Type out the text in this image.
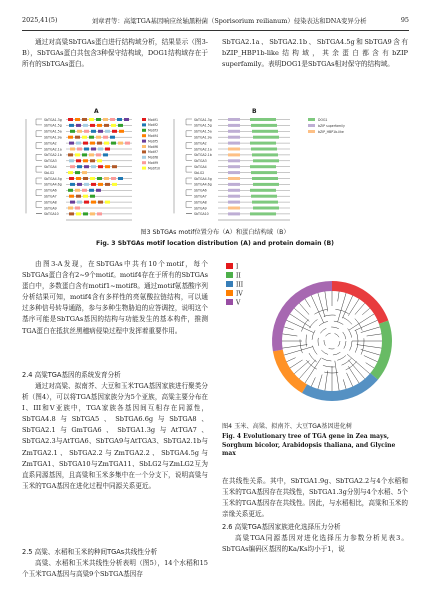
2025,41(5)	刘章君等：高粱TGA基因响应丝轴黑粉菌（Sporisorium reilianum）侵染表达和DNA变异分析	95

通过对高粱SbTGAs蛋白进行结构域分析，结果显示（图3-B），SbTGAs蛋白共包含3种保守结构域，DOG1结构域存在于所有的SbTGAs蛋白。

SbTGA2.1a、SbTGA2.1b、SbTGA4.5g和SbTGA9含有bZIP_HBP1b-like结构域，其余蛋白都含有bZIP superfamily。表明DOG1是SbTGAs相对保守的结构域。

A	B
SbTGA1.3g	SbTGA1.3g
SbTGA1.5g	SbTGA1.5g
SbTGA1.5a	SbTGA1.5a
SbTGA1.9a	SbTGA1.9a
SbTGA2	SbTGA2
SbTGA2.1a	SbTGA2.1a
SbTGA2.1b	SbTGA2.1b
SbTGA3	SbTGA3
SbTGA4	SbTGA4
SbLG2	SbLG2
SbTGA4.5g	SbTGA4.5g
SbTGA4.6g	SbTGA4.6g
SbTGA6	SbTGA6
SbTGA7	SbTGA7
SbTGA8	SbTGA8
SbTGA9	SbTGA9
SbTGA10	SbTGA10
Motif1
Motif2
Motif3
Motif4
Motif5
Motif6
Motif7
Motif8
Motif9
Motif10
DOG1
bZIP superfamily
bZIP_HBP1b-like
图3 SbTGAs motif位置分布（A）和蛋白结构域（B）
Fig. 3 SbTGAs motif location distribution (A) and protein domain (B)

由图3-A发现，在SbTGAs中共有10个motif，每个SbTGAs蛋白含有2~9个motif。motif4存在于所有的SbTGAs蛋白中，多数蛋白含有motif1~motif8。通过motif氨基酸序列分析结果可知，motif4含有多样性的亮氨酸拉链结构，可以通过多种信号转导通路，参与多种生物胁迫的应答调控，说明这个基序可能是SbTGAs基因的结构与功能发生的基本构件，推测TGA蛋白在抵抗丝黑穗病侵染过程中发挥着重要作用。

2.4 高粱TGA基因的系统发育分析

通过对高粱、拟南芥、大豆和玉米TGA基因家族进行聚类分析（图4），可以将TGA基因家族分为5个亚族，高粱主要分布在I、III和V亚族中，TGA家族各基因间互相存在同源性，SbTGA4.8与SbTGA5、SbTGA6.6g与SbTGA8、SbTGA2.1与GmTGA6、SbTGA1.3g与AtTGA7、SbTGA2.3与AtTGA6、SbTGA9与AtTGA3、SbTGA2.1b与ZmTGA2.1、SbTGA2.2与ZmTGA2.2、SbTGA4.5g与ZmTGA1、SbTGA10与ZmTGA11、SbLG2与ZmLG2互为直系同源基因，且高粱和玉米多集中在一个分支下，说明高粱与玉米的TGA基因在进化过程中同源关系更近。

2.5 高粱、水稻和玉米的种间TGAs共线性分析

高粱、水稻和玉米共线性分析表明（图5），14个水稻和15个玉米TGA基因与高粱9个SbTGA基因存

I
II
III
IV
V
图4 玉米、高粱、拟南芥、大豆TGA基因进化树
Fig. 4 Evolutionary tree of TGA gene in Zea mays, Sorghum bicolor, Arabidopsis thaliana, and Glycine max

在共线性关系。其中，SbTGA1.9g、SbTGA2.2与4个水稻和玉米的TGA基因存在共线性，SbTGA1.3g分别与4个水稻、5个玉米的TGA基因存在共线性。因此，与水稻相比，高粱和玉米的亲缘关系更近。

2.6 高粱TGA基因家族进化选择压力分析

高粱TGA同源基因对进化选择压力参数分析见表3。SbTGAs编码区基因的Ka/Ks均小于1，说
